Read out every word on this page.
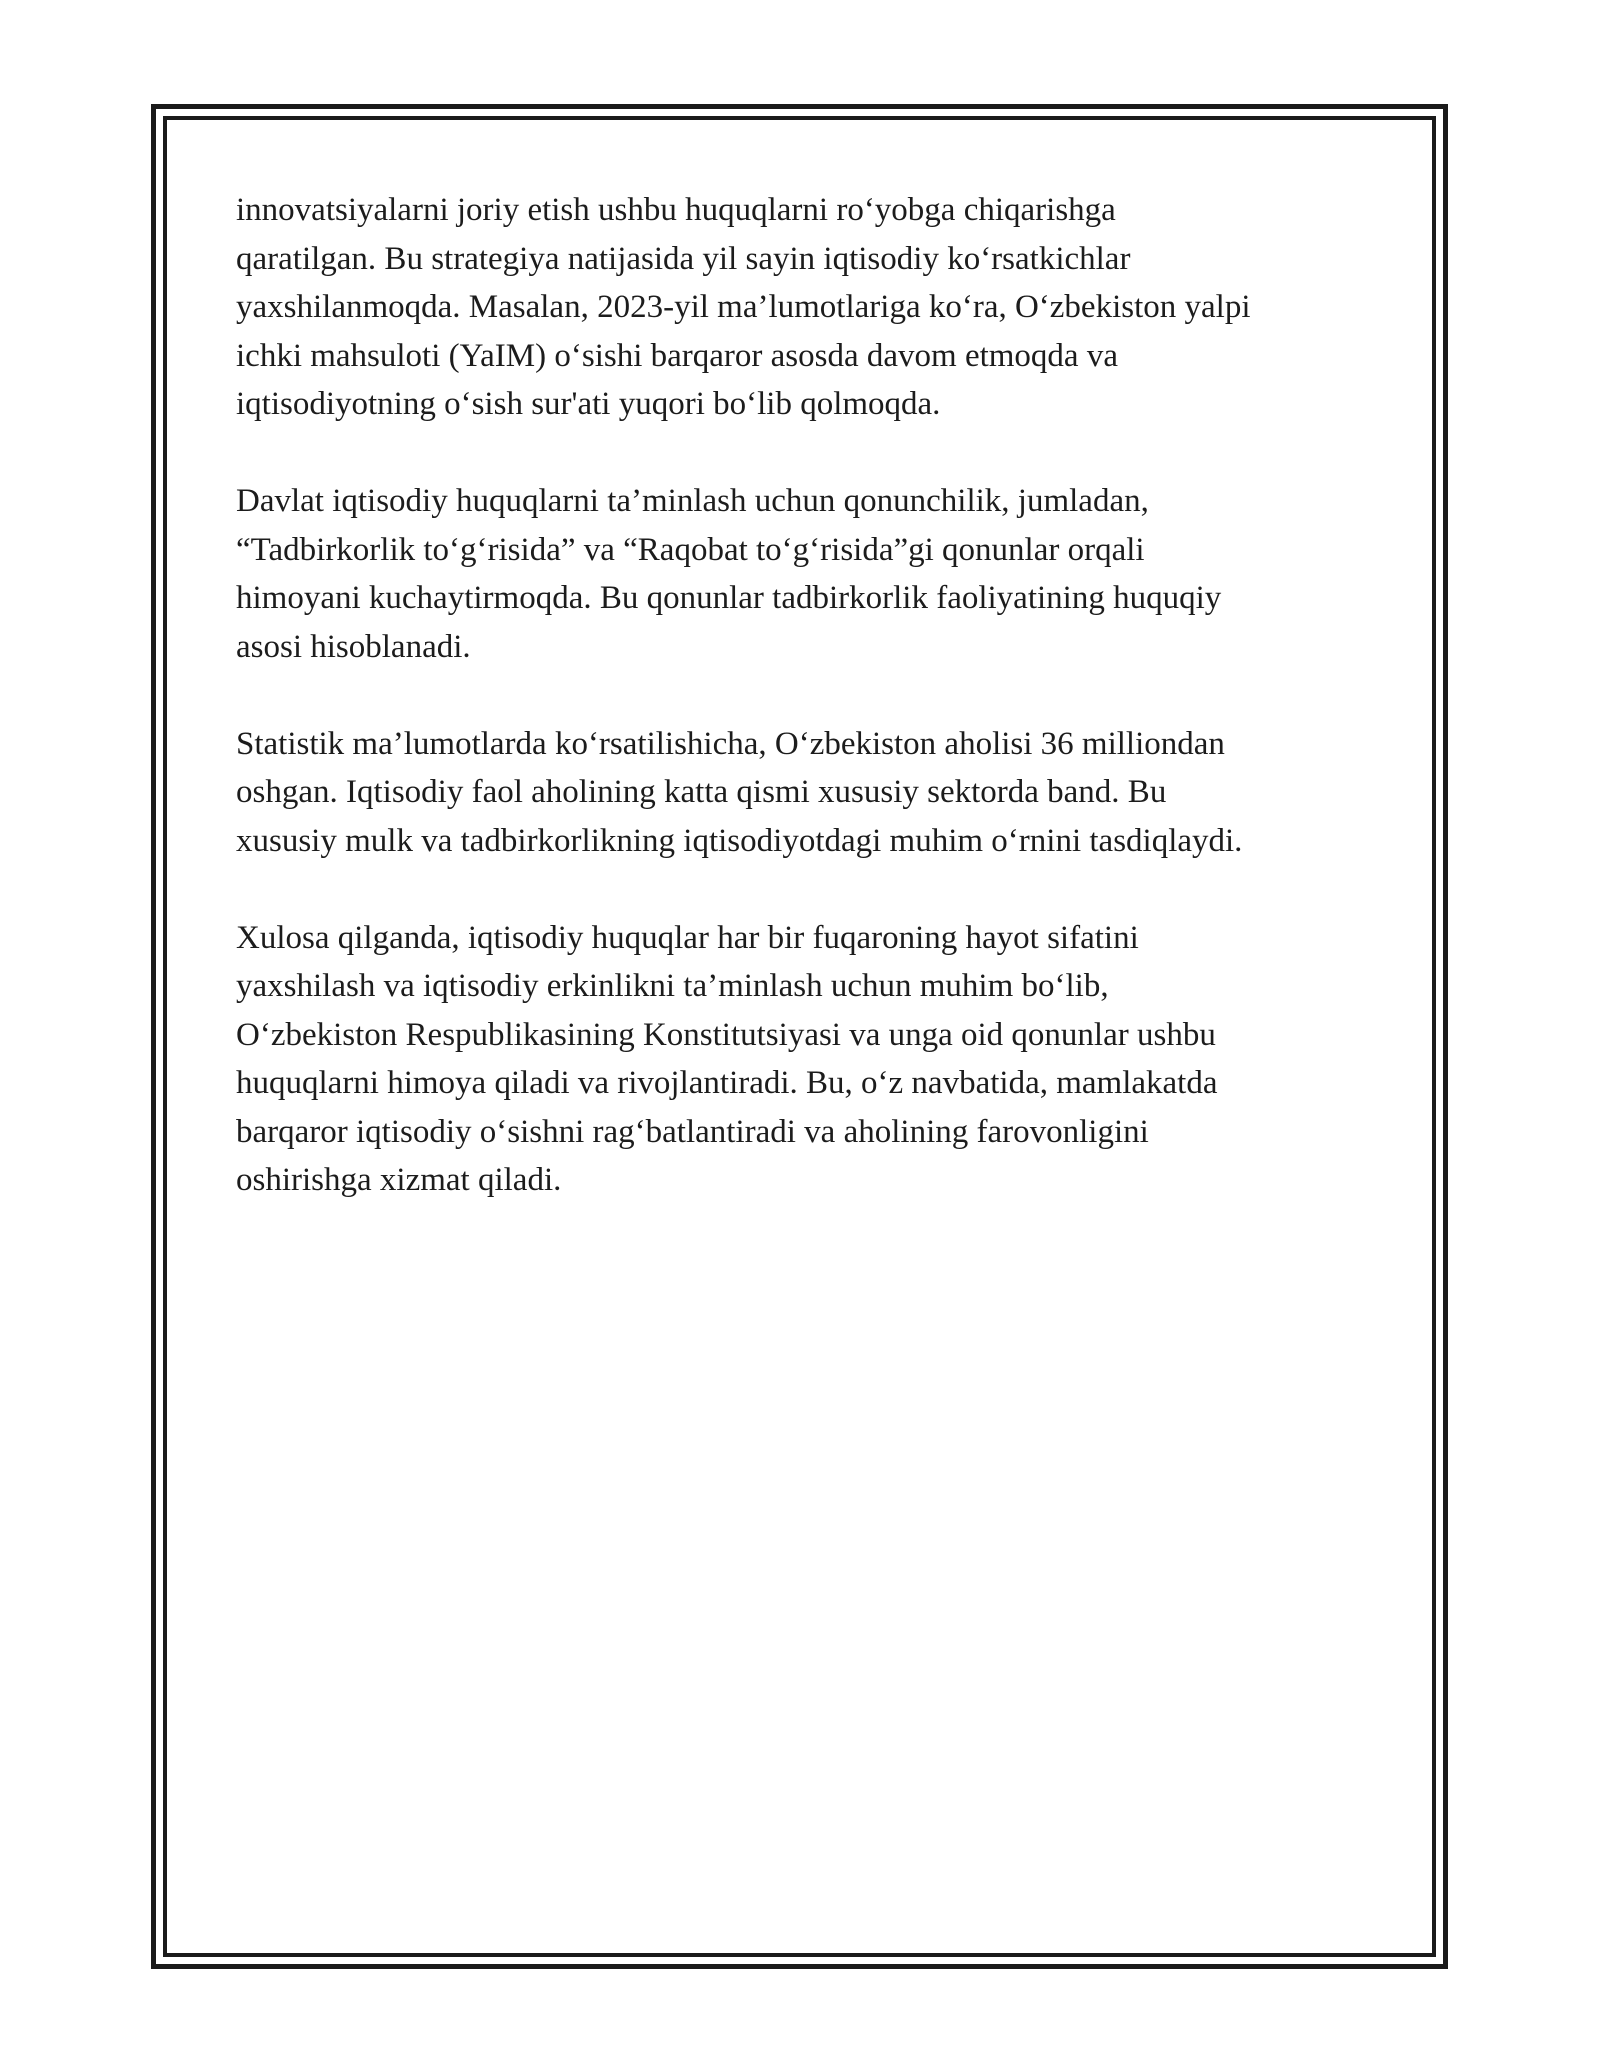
innovatsiyalarni joriy etish ushbu huquqlarni ro‘yobga chiqarishga
qaratilgan. Bu strategiya natijasida yil sayin iqtisodiy ko‘rsatkichlar
yaxshilanmoqda. Masalan, 2023-yil ma’lumotlariga ko‘ra, O‘zbekiston yalpi
ichki mahsuloti (YaIM) o‘sishi barqaror asosda davom etmoqda va
iqtisodiyotning o‘sish sur'ati yuqori bo‘lib qolmoqda.

Davlat iqtisodiy huquqlarni ta’minlash uchun qonunchilik, jumladan,
“Tadbirkorlik to‘g‘risida” va “Raqobat to‘g‘risida”gi qonunlar orqali
himoyani kuchaytirmoqda. Bu qonunlar tadbirkorlik faoliyatining huquqiy
asosi hisoblanadi.

Statistik ma’lumotlarda ko‘rsatilishicha, O‘zbekiston aholisi 36 milliondan
oshgan. Iqtisodiy faol aholining katta qismi xususiy sektorda band. Bu
xususiy mulk va tadbirkorlikning iqtisodiyotdagi muhim o‘rnini tasdiqlaydi.

Xulosa qilganda, iqtisodiy huquqlar har bir fuqaroning hayot sifatini
yaxshilash va iqtisodiy erkinlikni ta’minlash uchun muhim bo‘lib,
O‘zbekiston Respublikasining Konstitutsiyasi va unga oid qonunlar ushbu
huquqlarni himoya qiladi va rivojlantiradi. Bu, o‘z navbatida, mamlakatda
barqaror iqtisodiy o‘sishni rag‘batlantiradi va aholining farovonligini
oshirishga xizmat qiladi.
